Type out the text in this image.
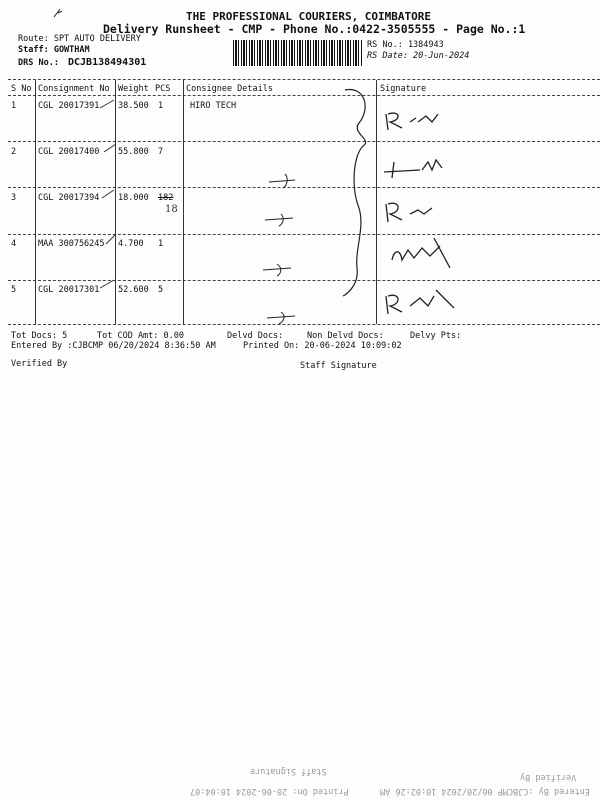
THE PROFESSIONAL COURIERS, COIMBATORE
Delivery Runsheet - CMP - Phone No.:0422-3505555 - Page No.:1
Route: SPT AUTO DELIVERY
Staff: GOWTHAM
DRS No.: DCJB138494301
RS No.: 1384943
RS Date: 20-Jun-2024
S No Consignment No Weight PCS Consignee Details	Signature
1	CGL 20017391 38.500 1	HIRO TECH
2	CGL 20017400 55.800 7
3	CGL 20017394 18.000 182
18
4	MAA 300756245 4.700 1
5	CGL 20017301 52.600 5
Tot Docs: 5	Tot COD Amt: 0.00	Delvd Docs:	Non Delvd Docs:	Delvy Pts:
Entered By :CJBCMP 06/20/2024 8:36:50 AM	Printed On: 20-06-2024 10:09:02
Verified By	Staff Signature
Staff Signature
Verified By
Printed On: 20-06-2024 10:04:07	Entered By :CJBCMP 06/20/2024 10:02:26 AM
